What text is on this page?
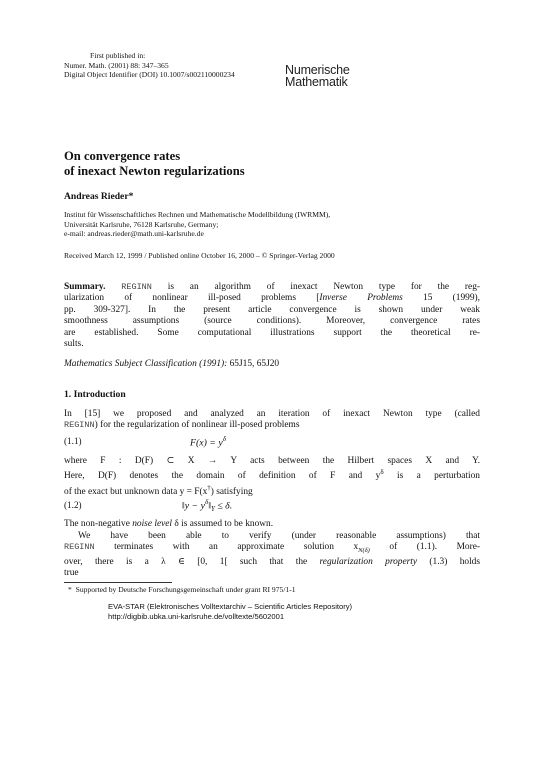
First published in:
Numer. Math. (2001) 88: 347–365
Digital Object Identifier (DOI) 10.1007/s002110000234	Numerische
Mathematik
On convergence rates
of inexact Newton regularizations
Andreas Rieder*
Institut für Wissenschaftliches Rechnen und Mathematische Modellbildung (IWRMM),
Universität Karlsruhe, 76128 Karlsruhe, Germany;
e-mail: andreas.rieder@math.uni-karlsruhe.de
Received March 12, 1999 / Published online October 16, 2000 – © Springer-Verlag 2000
Summary. REGINN is an algorithm of inexact Newton type for the reg-
ularization of nonlinear ill-posed problems [Inverse Problems 15 (1999),
pp. 309-327]. In the present article convergence is shown under weak
smoothness assumptions (source conditions). Moreover, convergence rates
are established. Some computational illustrations support the theoretical re-
sults.
Mathematics Subject Classification (1991): 65J15, 65J20
1. Introduction
In [15] we proposed and analyzed an iteration of inexact Newton type (called
REGINN) for the regularization of nonlinear ill-posed problems
(1.1)	$F(x) = y^\delta$
where F : D(F) ⊂ X → Y acts between the Hilbert spaces X and Y.
Here, D(F) denotes the domain of definition of F and $y^\delta$ is a perturbation
of the exact but unknown data y = F(x†) satisfying
(1.2)	‖y − $y^\delta‖_Y \le \delta$.
The non-negative noise level δ is assumed to be known.
We have been able to verify (under reasonable assumptions) that
REGINN terminates with an approximate solution $x_{N(\delta)}$ of (1.1). More-
over, there is a λ ∈ [0, 1[ such that the regularization property (1.3) holds
true
* Supported by Deutsche Forschungsgemeinschaft under grant RI 975/1-1
EVA-STAR (Elektronisches Volltextarchiv – Scientific Articles Repository)
http://digbib.ubka.uni-karlsruhe.de/volltexte/5602001
